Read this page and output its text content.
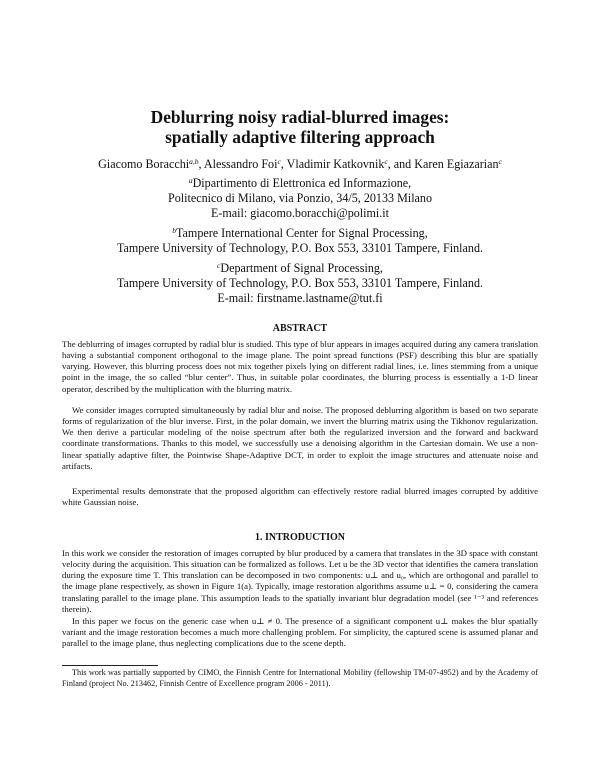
Deblurring noisy radial-blurred images:
spatially adaptive filtering approach
Giacomo Boracchi$^{a,b}$, Alessandro Foi$^c$, Vladimir Katkovnik$^c$, and Karen Egiazarian$^c$
$^a$Dipartimento di Elettronica ed Informazione,
Politecnico di Milano, via Ponzio, 34/5, 20133 Milano
E-mail: giacomo.boracchi@polimi.it
$^b$Tampere International Center for Signal Processing,
Tampere University of Technology, P.O. Box 553, 33101 Tampere, Finland.
$^c$Department of Signal Processing,
Tampere University of Technology, P.O. Box 553, 33101 Tampere, Finland.
E-mail: firstname.lastname@tut.fi
ABSTRACT

The deblurring of images corrupted by radial blur is studied. This type of blur appears in images acquired during any camera translation having a substantial component orthogonal to the image plane. The point spread functions (PSF) describing this blur are spatially varying. However, this blurring process does not mix together pixels lying on different radial lines, i.e. lines stemming from a unique point in the image, the so called “blur center”. Thus, in suitable polar coordinates, the blurring process is essentially a 1-D linear operator, described by the multiplication with the blurring matrix.

We consider images corrupted simultaneously by radial blur and noise. The proposed deblurring algorithm is based on two separate forms of regularization of the blur inverse. First, in the polar domain, we invert the blurring matrix using the Tikhonov regularization. We then derive a particular modeling of the noise spectrum after both the regularized inversion and the forward and backward coordinate transformations. Thanks to this model, we successfully use a denoising algorithm in the Cartesian domain. We use a non-linear spatially adaptive filter, the Pointwise Shape-Adaptive DCT, in order to exploit the image structures and attenuate noise and artifacts.

Experimental results demonstrate that the proposed algorithm can effectively restore radial blurred images corrupted by additive white Gaussian noise.

1. INTRODUCTION

In this work we consider the restoration of images corrupted by blur produced by a camera that translates in the 3D space with constant velocity during the acquisition. This situation can be formalized as follows. Let u be the 3D vector that identifies the camera translation during the exposure time T. This translation can be decomposed in two components: u⊥ and u₀, which are orthogonal and parallel to the image plane respectively, as shown in Figure 1(a). Typically, image restoration algorithms assume u⊥ = 0, considering the camera translating parallel to the image plane. This assumption leads to the spatially invariant blur degradation model (see ¹⁻³ and references therein).

In this paper we focus on the generic case when u⊥ ≠ 0. The presence of a significant component u⊥ makes the blur spatially variant and the image restoration becomes a much more challenging problem. For simplicity, the captured scene is assumed planar and parallel to the image plane, thus neglecting complications due to the scene depth.

This work was partially supported by CIMO, the Finnish Centre for International Mobility (fellowship TM-07-4952) and by the Academy of Finland (project No. 213462, Finnish Centre of Excellence program 2006 - 2011).
